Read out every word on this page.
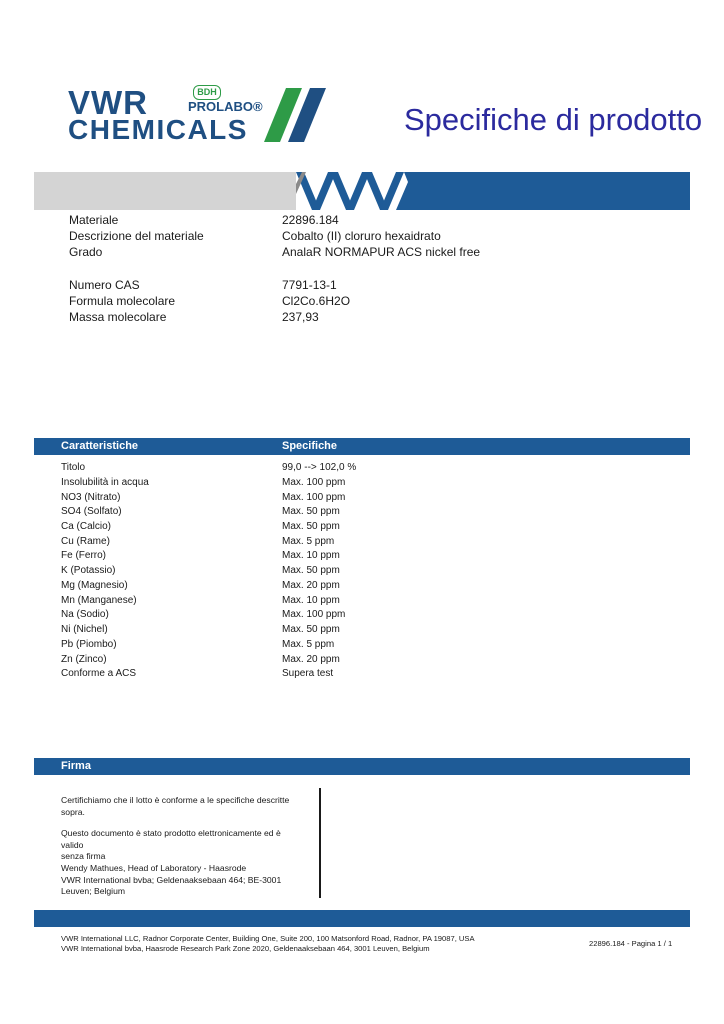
VWR
CHEMICALS
BDH
PROLABO®	Specifiche di prodotto
Materiale	22896.184
Descrizione del materiale	Cobalto (II) cloruro hexaidrato
Grado	AnalaR NORMAPUR ACS nickel free
Numero CAS	7791-13-1
Formula molecolare	Cl2Co.6H2O
Massa molecolare	237,93
Caratteristiche	Specifiche
Titolo	99,0 --> 102,0 %
Insolubilità in acqua	Max. 100 ppm
NO3 (Nitrato)	Max. 100 ppm
SO4 (Solfato)	Max. 50 ppm
Ca (Calcio)	Max. 50 ppm
Cu (Rame)	Max. 5 ppm
Fe (Ferro)	Max. 10 ppm
K (Potassio)	Max. 50 ppm
Mg (Magnesio)	Max. 20 ppm
Mn (Manganese)	Max. 10 ppm
Na (Sodio)	Max. 100 ppm
Ni (Nichel)	Max. 50 ppm
Pb (Piombo)	Max. 5 ppm
Zn (Zinco)	Max. 20 ppm
Conforme a ACS	Supera test
Firma
Certifichiamo che il lotto è conforme a le specifiche descritte
sopra.
Questo documento è stato prodotto elettronicamente ed è valido
senza firma
Wendy Mathues, Head of Laboratory - Haasrode
VWR International bvba; Geldenaaksebaan 464; BE-3001
Leuven; Belgium
VWR International LLC, Radnor Corporate Center, Building One, Suite 200, 100 Matsonford Road, Radnor, PA 19087, USA
VWR International bvba, Haasrode Research Park Zone 2020, Geldenaaksebaan 464, 3001 Leuven, Belgium
22896.184 - Pagina 1 / 1
